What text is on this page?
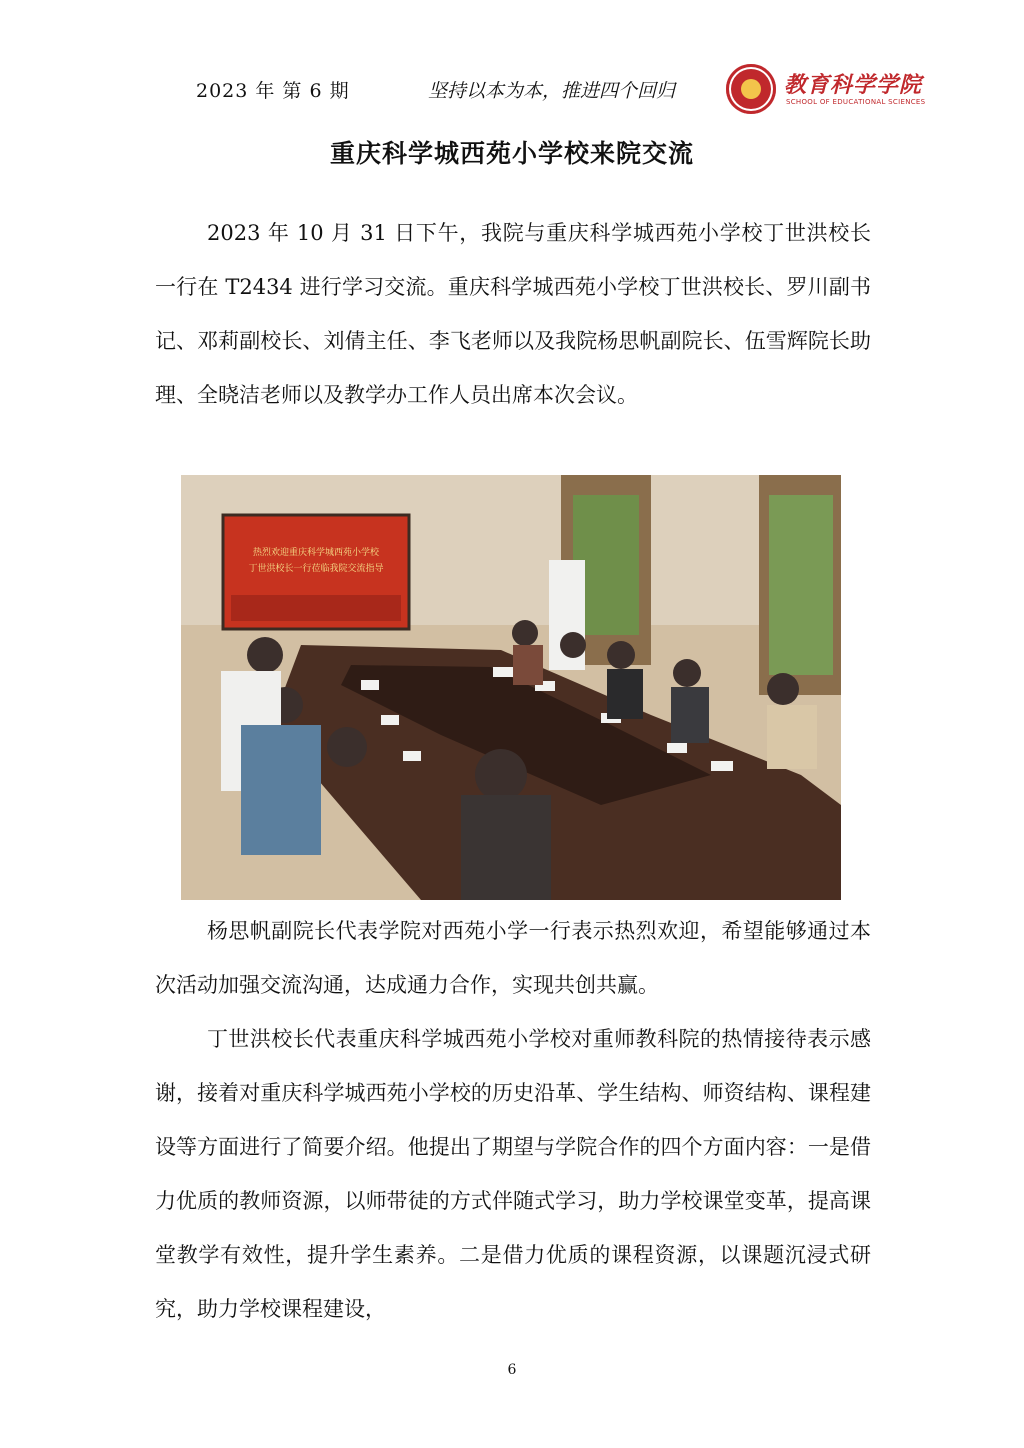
2023 年 第 6 期	坚持以本为本，推进四个回归	教育科学学院
SCHOOL OF EDUCATIONAL SCIENCES
重庆科学城西苑小学校来院交流

2023 年 10 月 31 日下午，我院与重庆科学城西苑小学校丁世洪校长一行在 T2434 进行学习交流。重庆科学城西苑小学校丁世洪校长、罗川副书记、邓莉副校长、刘倩主任、李飞老师以及我院杨思帆副院长、伍雪辉院长助理、全晓洁老师以及教学办工作人员出席本次会议。

热烈欢迎重庆科学城西苑小学校
丁世洪校长一行莅临我院交流指导

杨思帆副院长代表学院对西苑小学一行表示热烈欢迎，希望能够通过本次活动加强交流沟通，达成通力合作，实现共创共赢。

丁世洪校长代表重庆科学城西苑小学校对重师教科院的热情接待表示感谢，接着对重庆科学城西苑小学校的历史沿革、学生结构、师资结构、课程建设等方面进行了简要介绍。他提出了期望与学院合作的四个方面内容：一是借力优质的教师资源，以师带徒的方式伴随式学习，助力学校课堂变革，提高课堂教学有效性，提升学生素养。二是借力优质的课程资源，以课题沉浸式研究，助力学校课程建设，

6
